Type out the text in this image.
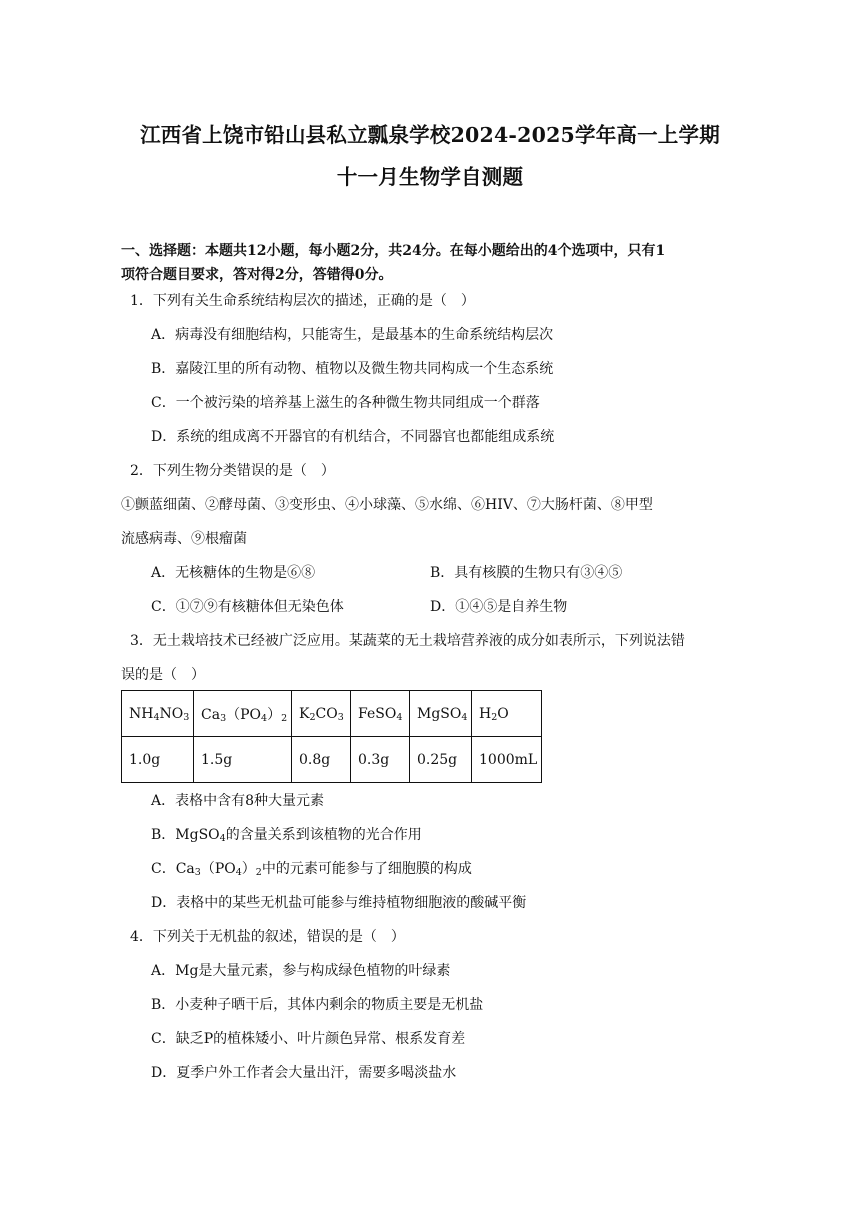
江西省上饶市铅山县私立瓢泉学校2024-2025学年高一上学期
十一月生物学自测题
一、选择题：本题共12小题，每小题2分，共24分。在每小题给出的4个选项中，只有1
项符合题目要求，答对得2分，答错得0分。
1．下列有关生命系统结构层次的描述，正确的是（　）
A．病毒没有细胞结构，只能寄生，是最基本的生命系统结构层次
B．嘉陵江里的所有动物、植物以及微生物共同构成一个生态系统
C．一个被污染的培养基上滋生的各种微生物共同组成一个群落
D．系统的组成离不开器官的有机结合，不同器官也都能组成系统
2．下列生物分类错误的是（　）
①颤蓝细菌、②酵母菌、③变形虫、④小球藻、⑤水绵、⑥HIV、⑦大肠杆菌、⑧甲型
流感病毒、⑨根瘤菌
A．无核糖体的生物是⑥⑧	B．具有核膜的生物只有③④⑤
C．①⑦⑨有核糖体但无染色体	D．①④⑤是自养生物
3．无土栽培技术已经被广泛应用。某蔬菜的无土栽培营养液的成分如表所示，下列说法错
误的是（　）
$NH_4NO_3$	$Ca_3(PO_4)_2$	$K_2CO_3$	FeSO$_4$	MgSO$_4$	$H_2O$
1.0g	1.5g	0.8g	0.3g	0.25g	1000mL
A．表格中含有8种大量元素
B．MgSO$_4$的含量关系到该植物的光合作用
C．$Ca_3(PO_4)_2$中的元素可能参与了细胞膜的构成
D．表格中的某些无机盐可能参与维持植物细胞液的酸碱平衡
4．下列关于无机盐的叙述，错误的是（　）
A．Mg是大量元素，参与构成绿色植物的叶绿素
B．小麦种子晒干后，其体内剩余的物质主要是无机盐
C．缺乏P的植株矮小、叶片颜色异常、根系发育差
D．夏季户外工作者会大量出汗，需要多喝淡盐水
